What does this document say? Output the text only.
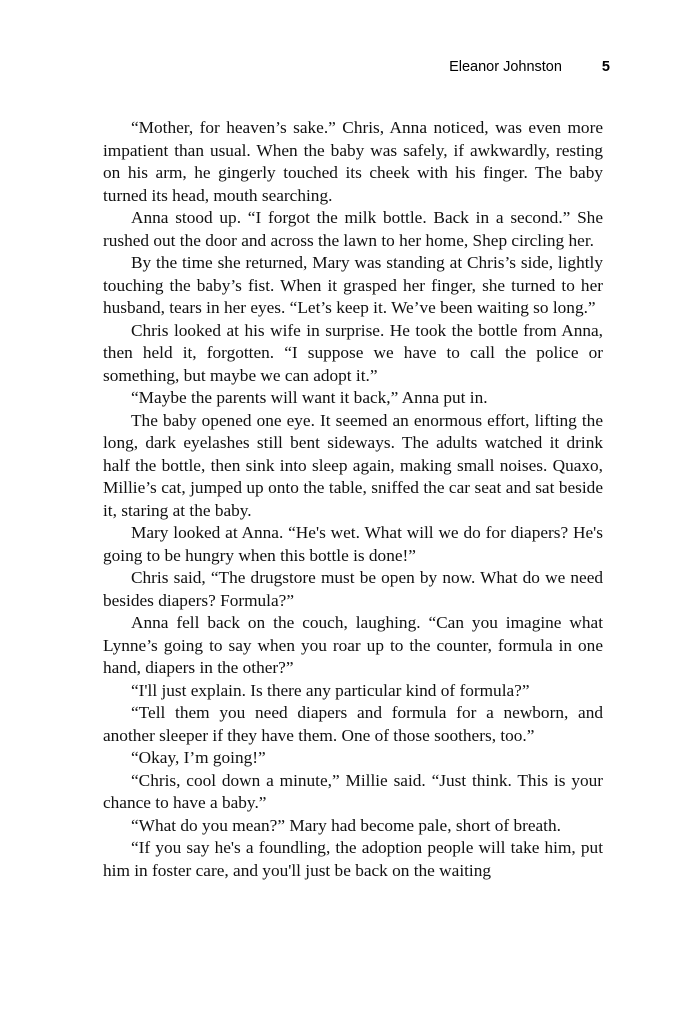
Eleanor Johnston	5

“Mother, for heaven’s sake.” Chris, Anna noticed, was even more impatient than usual. When the baby was safely, if awkwardly, resting on his arm, he gingerly touched its cheek with his finger. The baby turned its head, mouth searching.

Anna stood up. “I forgot the milk bottle. Back in a second.” She rushed out the door and across the lawn to her home, Shep circling her.

By the time she returned, Mary was standing at Chris’s side, lightly touching the baby’s fist. When it grasped her finger, she turned to her husband, tears in her eyes. “Let’s keep it. We’ve been waiting so long.”

Chris looked at his wife in surprise. He took the bottle from Anna, then held it, forgotten. “I suppose we have to call the police or something, but maybe we can adopt it.”

“Maybe the parents will want it back,” Anna put in.

The baby opened one eye. It seemed an enormous effort, lifting the long, dark eyelashes still bent sideways. The adults watched it drink half the bottle, then sink into sleep again, making small noises. Quaxo, Millie’s cat, jumped up onto the table, sniffed the car seat and sat beside it, staring at the baby.

Mary looked at Anna. “He's wet. What will we do for diapers? He's going to be hungry when this bottle is done!”

Chris said, “The drugstore must be open by now. What do we need besides diapers? Formula?”

Anna fell back on the couch, laughing. “Can you imagine what Lynne’s going to say when you roar up to the counter, formula in one hand, diapers in the other?”

“I'll just explain. Is there any particular kind of formula?”

“Tell them you need diapers and formula for a newborn, and another sleeper if they have them. One of those soothers, too.”

“Okay, I’m going!”

“Chris, cool down a minute,” Millie said. “Just think. This is your chance to have a baby.”

“What do you mean?” Mary had become pale, short of breath.

“If you say he's a foundling, the adoption people will take him, put him in foster care, and you'll just be back on the waiting
